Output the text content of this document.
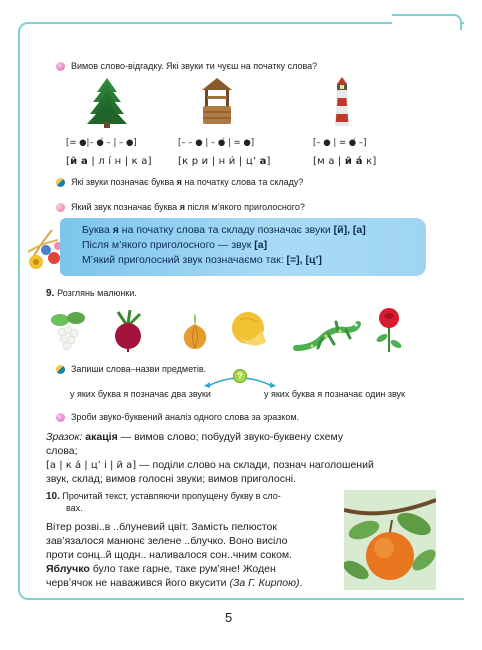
Вимов слово-відгадку. Які звуки ти чуєш на початку слова?
[= ●|– ●́ – | – ●]	[– – ● | – ●́ | = ●]	[– ● | = ●́ –]
[й а | л і́ н | к а]	[к р и | н и́ | ц’ а]	[м а | й а́ к]
Які звуки позначає буква я на початку слова та складу?
Який звук позначає буква я після м’якого приголосного?
Буква я на початку слова та складу позначає звуки [й], [а]
Після м’якого приголосного — звук [а]
М’який приголосний звук позначаємо так: [=], [ц’]
9. Розглянь малюнки.
Запиши слова–назви предметів.
?
у яких буква я позначає два звуки	у яких буква я позначає один звук
Зроби звуко-буквений аналіз одного слова за зразком.
Зразок: акація — вимов слово; побудуй звуко-буквену схему
слова;
[а | к а́ | ц’ і | й а] — поділи слово на склади, познач наголошений
звук, склад; вимов голосні звуки; вимов приголосні.
10. Прочитай текст, уставляючи пропущену букву в сло-
вах.
Вітер розві..в ..блуневий цвіт. Замість пелюсток
зав’язалося манюнє зелене ..блучко. Воно висіло
проти сонц..й щодн.. наливалося сон..чним соком.
Яблучко було таке гарне, таке рум’яне! Жоден
червʼячок не наважився його вкусити (За Г. Кирпою).
5
